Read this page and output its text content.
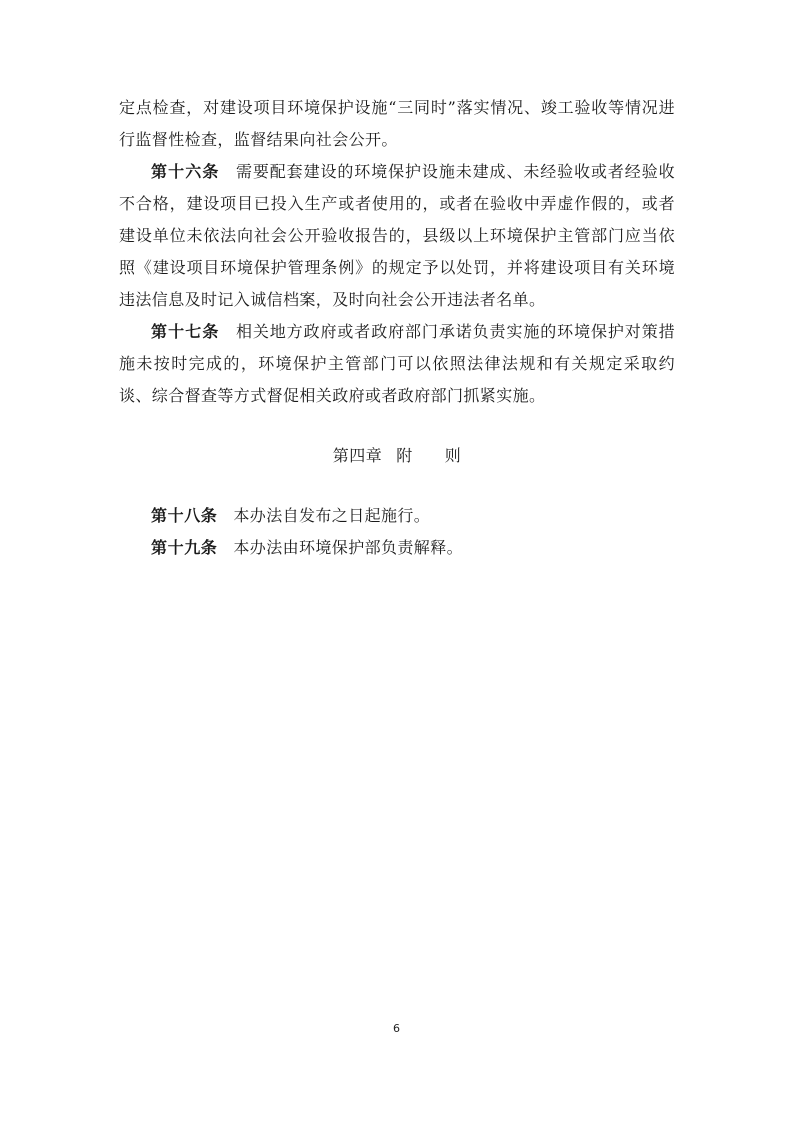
定点检查，对建设项目环境保护设施“三同时”落实情况、竣工验收等情况进行监督性检查，监督结果向社会公开。

第十六条 需要配套建设的环境保护设施未建成、未经验收或者经验收不合格，建设项目已投入生产或者使用的，或者在验收中弄虚作假的，或者建设单位未依法向社会公开验收报告的，县级以上环境保护主管部门应当依照《建设项目环境保护管理条例》的规定予以处罚，并将建设项目有关环境违法信息及时记入诚信档案，及时向社会公开违法者名单。

第十七条 相关地方政府或者政府部门承诺负责实施的环境保护对策措施未按时完成的，环境保护主管部门可以依照法律法规和有关规定采取约谈、综合督查等方式督促相关政府或者政府部门抓紧实施。

第四章 附 则

第十八条 本办法自发布之日起施行。

第十九条 本办法由环境保护部负责解释。

6
